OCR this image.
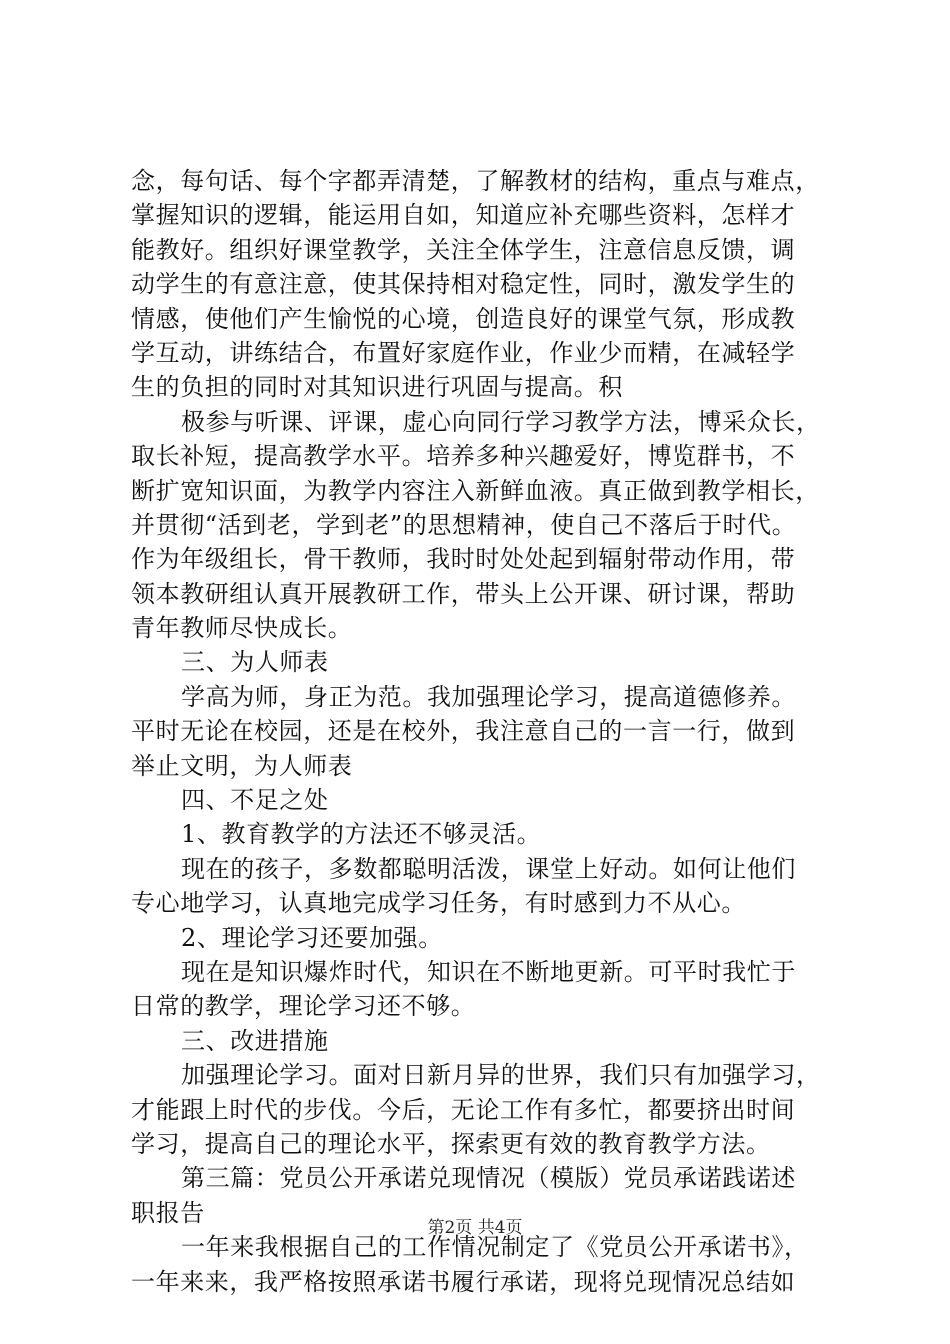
念，每句话、每个字都弄清楚，了解教材的结构，重点与难点，
掌握知识的逻辑，能运用自如，知道应补充哪些资料，怎样才
能教好。组织好课堂教学，关注全体学生，注意信息反馈，调
动学生的有意注意，使其保持相对稳定性，同时，激发学生的
情感，使他们产生愉悦的心境，创造良好的课堂气氛，形成教
学互动，讲练结合，布置好家庭作业，作业少而精，在减轻学
生的负担的同时对其知识进行巩固与提高。积
极参与听课、评课，虚心向同行学习教学方法，博采众长，
取长补短，提高教学水平。培养多种兴趣爱好，博览群书，不
断扩宽知识面，为教学内容注入新鲜血液。真正做到教学相长，
并贯彻“活到老，学到老”的思想精神，使自己不落后于时代。
作为年级组长，骨干教师，我时时处处起到辐射带动作用，带
领本教研组认真开展教研工作，带头上公开课、研讨课，帮助
青年教师尽快成长。
三、为人师表
学高为师，身正为范。我加强理论学习，提高道德修养。
平时无论在校园，还是在校外，我注意自己的一言一行，做到
举止文明，为人师表
四、不足之处
1、教育教学的方法还不够灵活。
现在的孩子，多数都聪明活泼，课堂上好动。如何让他们
专心地学习，认真地完成学习任务，有时感到力不从心。
2、理论学习还要加强。
现在是知识爆炸时代，知识在不断地更新。可平时我忙于
日常的教学，理论学习还不够。
三、改进措施
加强理论学习。面对日新月异的世界，我们只有加强学习，
才能跟上时代的步伐。今后，无论工作有多忙，都要挤出时间
学习，提高自己的理论水平，探索更有效的教育教学方法。
第三篇：党员公开承诺兑现情况（模版）党员承诺践诺述
职报告
一年来我根据自己的工作情况制定了《党员公开承诺书》，
一年来来，我严格按照承诺书履行承诺，现将兑现情况总结如
第2页 共4页
